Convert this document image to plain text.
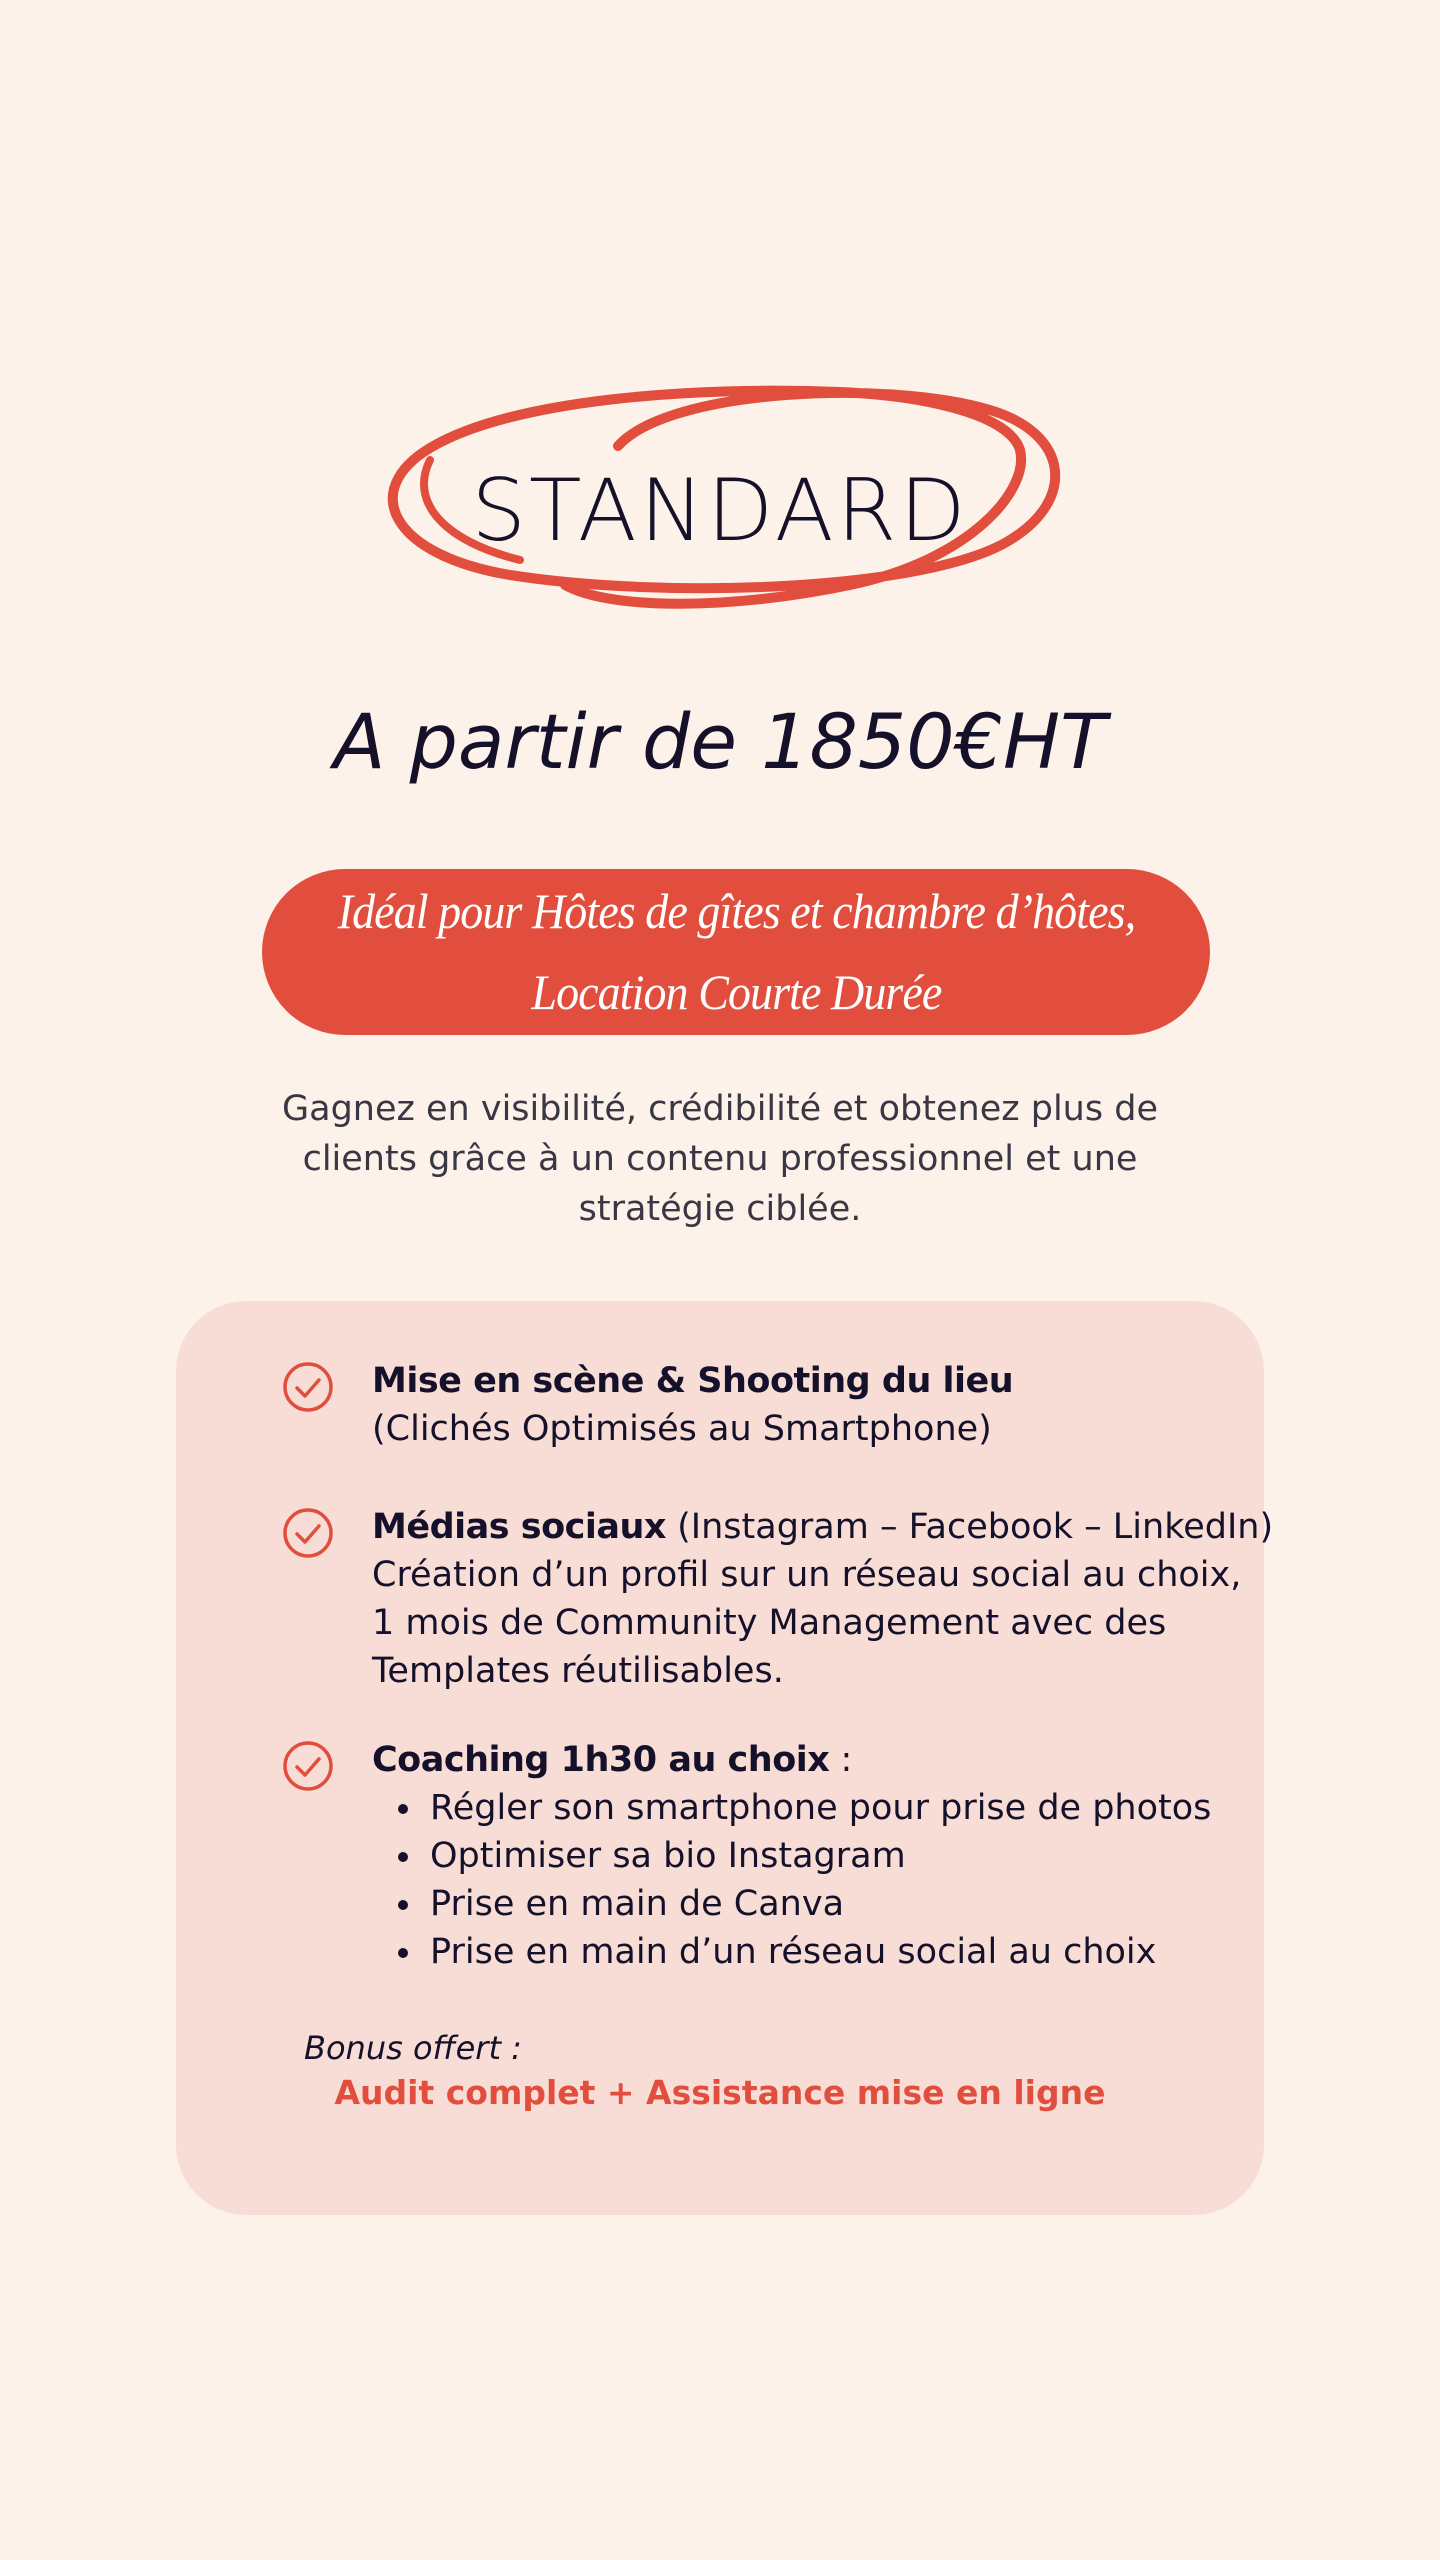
STANDARD
A partir de 1850€HT
Idéal pour Hôtes de gîtes et chambre d’hôtes,
Location Courte Durée
Gagnez en visibilité, crédibilité et obtenez plus de clients grâce à un contenu professionnel et une stratégie ciblée.
Mise en scène & Shooting du lieu
(Clichés Optimisés au Smartphone)
Médias sociaux (Instagram – Facebook – LinkedIn)
Création d’un profil sur un réseau social au choix,
1 mois de Community Management avec des
Templates réutilisables.
Coaching 1h30 au choix :
Régler son smartphone pour prise de photos
Optimiser sa bio Instagram
Prise en main de Canva
Prise en main d’un réseau social au choix
Bonus offert :
Audit complet + Assistance mise en ligne
